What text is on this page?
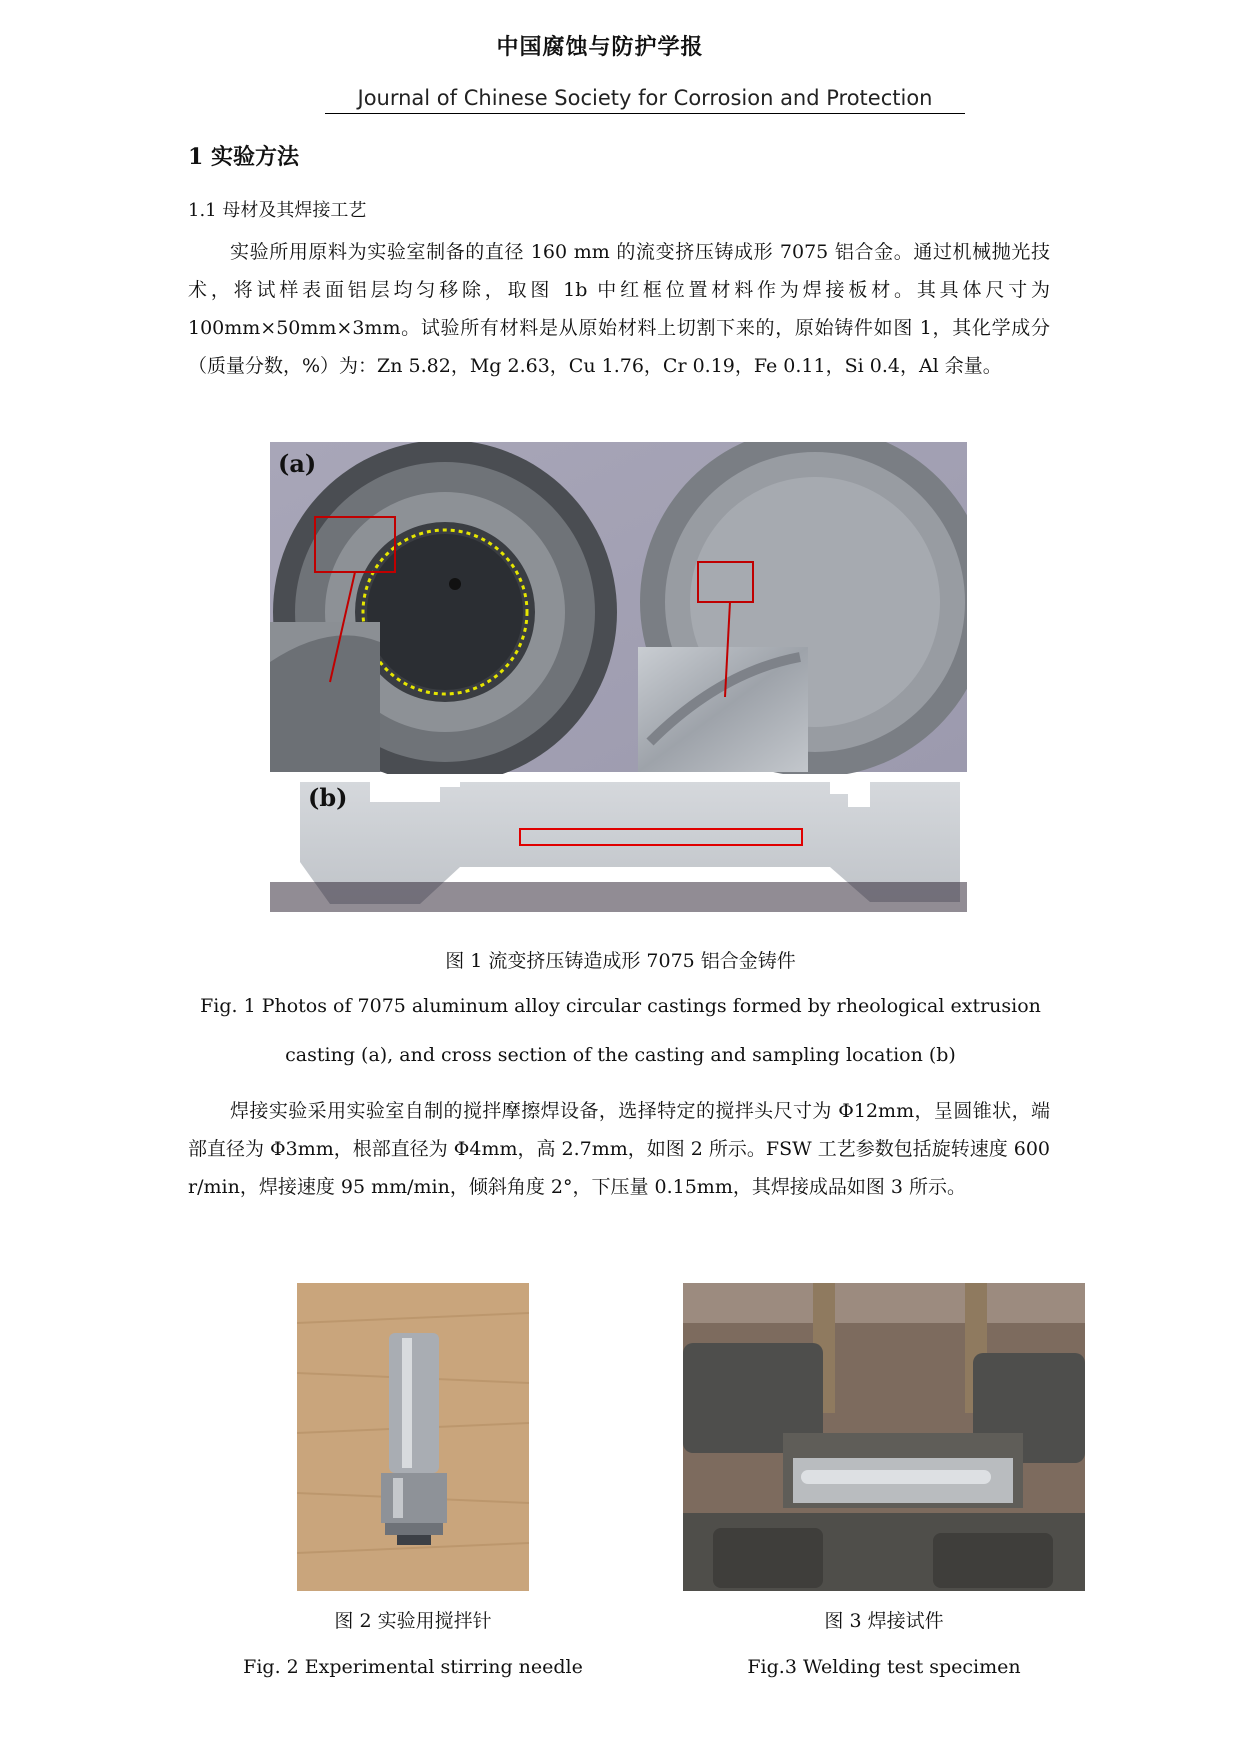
中国腐蚀与防护学报
Journal of Chinese Society for Corrosion and Protection
1 实验方法
1.1 母材及其焊接工艺

实验所用原料为实验室制备的直径 160 mm 的流变挤压铸成形 7075 铝合金。通过机械抛光技术，将试样表面铝层均匀移除，取图 1b 中红框位置材料作为焊接板材。其具体尺寸为 100mm×50mm×3mm。试验所有材料是从原始材料上切割下来的，原始铸件如图 1，其化学成分（质量分数，%）为：Zn 5.82，Mg 2.63，Cu 1.76，Cr 0.19，Fe 0.11，Si 0.4，Al 余量。

(a)
(b)
图 1 流变挤压铸造成形 7075 铝合金铸件
Fig. 1 Photos of 7075 aluminum alloy circular castings formed by rheological extrusion
casting (a), and cross section of the casting and sampling location (b)

焊接实验采用实验室自制的搅拌摩擦焊设备，选择特定的搅拌头尺寸为 Φ12mm，呈圆锥状，端部直径为 Φ3mm，根部直径为 Φ4mm，高 2.7mm，如图 2 所示。FSW 工艺参数包括旋转速度 600 r/min，焊接速度 95 mm/min，倾斜角度 2°，下压量 0.15mm，其焊接成品如图 3 所示。

图 2 实验用搅拌针
Fig. 2 Experimental stirring needle
图 3 焊接试件
Fig.3 Welding test specimen
